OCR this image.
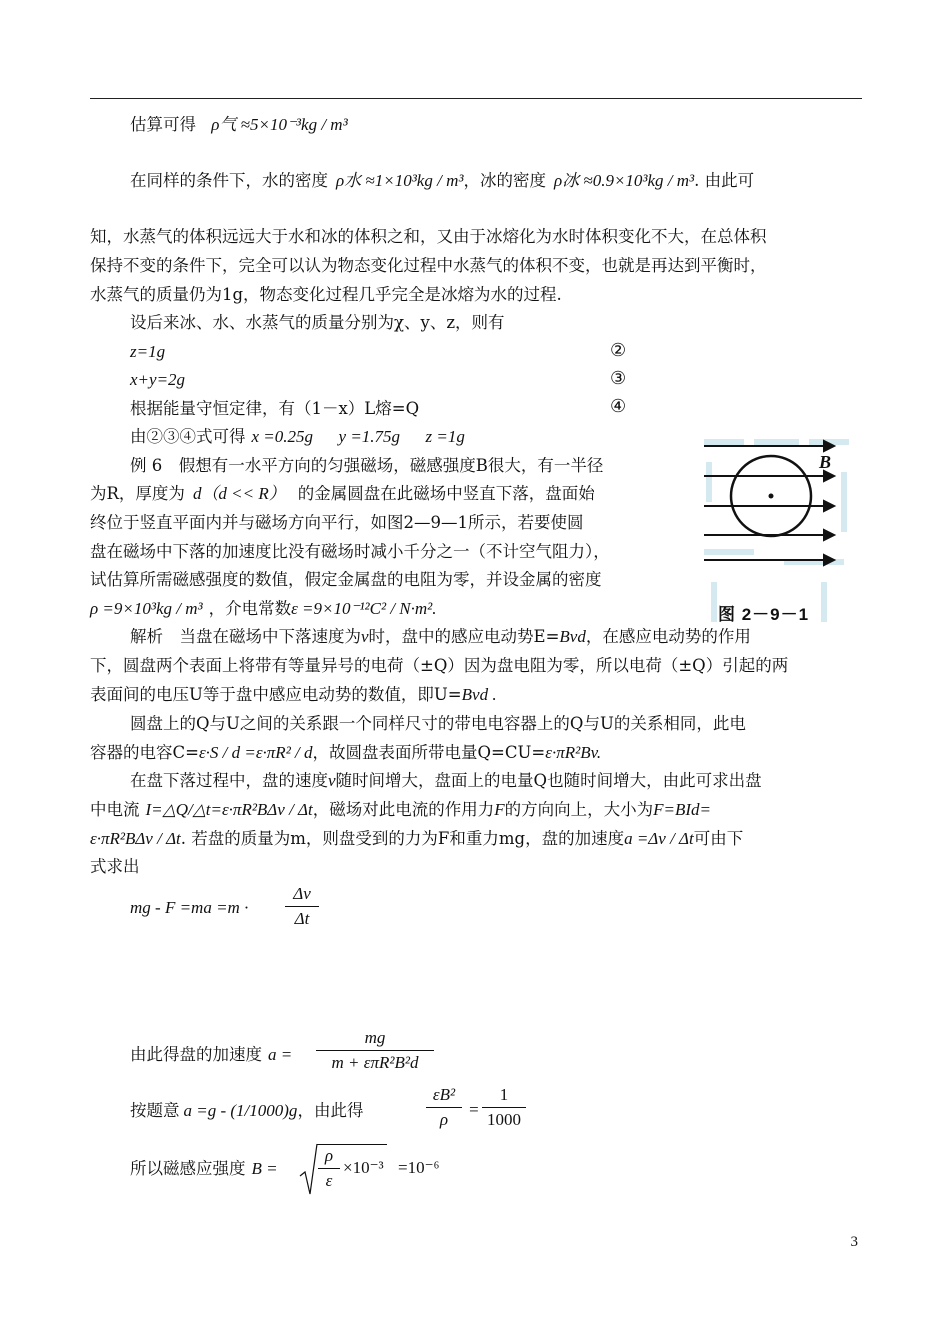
估算可得 ρ气 ≈5×10⁻³kg / m³
在同样的条件下，水的密度 ρ水 ≈1×10³kg / m³，冰的密度 ρ冰 ≈0.9×10³kg / m³. 由此可
知，水蒸气的体积远远大于水和冰的体积之和，又由于冰熔化为水时体积变化不大，在总体积
保持不变的条件下，完全可以认为物态变化过程中水蒸气的体积不变，也就是再达到平衡时，
水蒸气的质量仍为1g，物态变化过程几乎完全是冰熔为水的过程.
设后来冰、水、水蒸气的质量分别为χ、y、z，则有
z=1g	②
x+y=2g	③
根据能量守恒定律，有（1－x）L熔=Q	④
由②③④式可得 x =0.25g      y =1.75g      z =1g
例 6　假想有一水平方向的匀强磁场，磁感强度B很大，有一半径
为R，厚度为 d（d << R） 的金属圆盘在此磁场中竖直下落，盘面始
终位于竖直平面内并与磁场方向平行，如图2—9—1所示，若要使圆
盘在磁场中下落的加速度比没有磁场时减小千分之一（不计空气阻力），
试估算所需磁感强度的数值，假定金属盘的电阻为零，并设金属的密度
ρ =9×10³kg / m³ ，介电常数ε =9×10⁻¹²C² / N·m².
B
图 2－9－1
解析　当盘在磁场中下落速度为v时，盘中的感应电动势E=Bvd，在感应电动势的作用
下，圆盘两个表面上将带有等量异号的电荷（±Q）因为盘电阻为零，所以电荷（±Q）引起的两
表面间的电压U等于盘中感应电动势的数值，即U=Bvd .
圆盘上的Q与U之间的关系跟一个同样尺寸的带电电容器上的Q与U的关系相同，此电
容器的电容C=ε·S / d =ε·πR² / d，故圆盘表面所带电量Q=CU=ε·πR²Bv.
在盘下落过程中，盘的速度v随时间增大，盘面上的电量Q也随时间增大，由此可求出盘
中电流 I=△Q/△t=ε·πR²BΔv / Δt，磁场对此电流的作用力F的方向向上，大小为F=BId=
ε·πR²BΔv / Δt. 若盘的质量为m，则盘受到的力为F和重力mg，盘的加速度a =Δv / Δt可由下
式求出
mg - F =ma =m ·
Δv
Δt
由此得盘的加速度 a =
mg
m + επR²B²d
按题意 a =g - (1/1000)g，由此得
εB²
ρ
=
1
1000
所以磁感应强度 B =
ρ
ε
×10⁻³ =10⁻⁶
3
